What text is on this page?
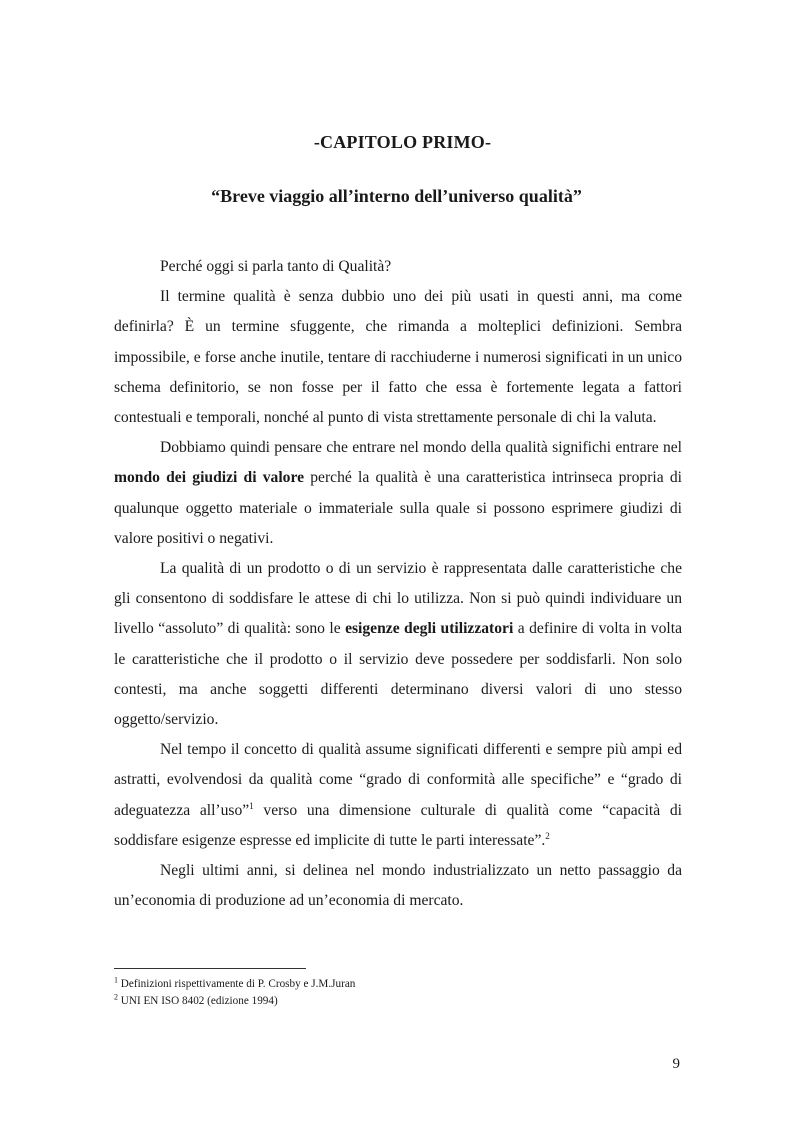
-CAPITOLO PRIMO-
“Breve viaggio all’interno dell’universo qualità”

Perché oggi si parla tanto di Qualità?

Il termine qualità è senza dubbio uno dei più usati in questi anni, ma come definirla? È un termine sfuggente, che rimanda a molteplici definizioni. Sembra impossibile, e forse anche inutile, tentare di racchiuderne i numerosi significati in un unico schema definitorio, se non fosse per il fatto che essa è fortemente legata a fattori contestuali e temporali, nonché al punto di vista strettamente personale di chi la valuta.

Dobbiamo quindi pensare che entrare nel mondo della qualità significhi entrare nel mondo dei giudizi di valore perché la qualità è una caratteristica intrinseca propria di qualunque oggetto materiale o immateriale sulla quale si possono esprimere giudizi di valore positivi o negativi.

La qualità di un prodotto o di un servizio è rappresentata dalle caratteristiche che gli consentono di soddisfare le attese di chi lo utilizza. Non si può quindi individuare un livello “assoluto” di qualità: sono le esigenze degli utilizzatori a definire di volta in volta le caratteristiche che il prodotto o il servizio deve possedere per soddisfarli. Non solo contesti, ma anche soggetti differenti determinano diversi valori di uno stesso oggetto/servizio.

Nel tempo il concetto di qualità assume significati differenti e sempre più ampi ed astratti, evolvendosi da qualità come “grado di conformità alle specifiche” e “grado di adeguatezza all’uso”$^1$ verso una dimensione culturale di qualità come “capacità di soddisfare esigenze espresse ed implicite di tutte le parti interessate”.$^2$

Negli ultimi anni, si delinea nel mondo industrializzato un netto passaggio da un’economia di produzione ad un’economia di mercato.

$^1$ Definizioni rispettivamente di P. Crosby e J.M.Juran
$^2$ UNI EN ISO 8402 (edizione 1994)
9
